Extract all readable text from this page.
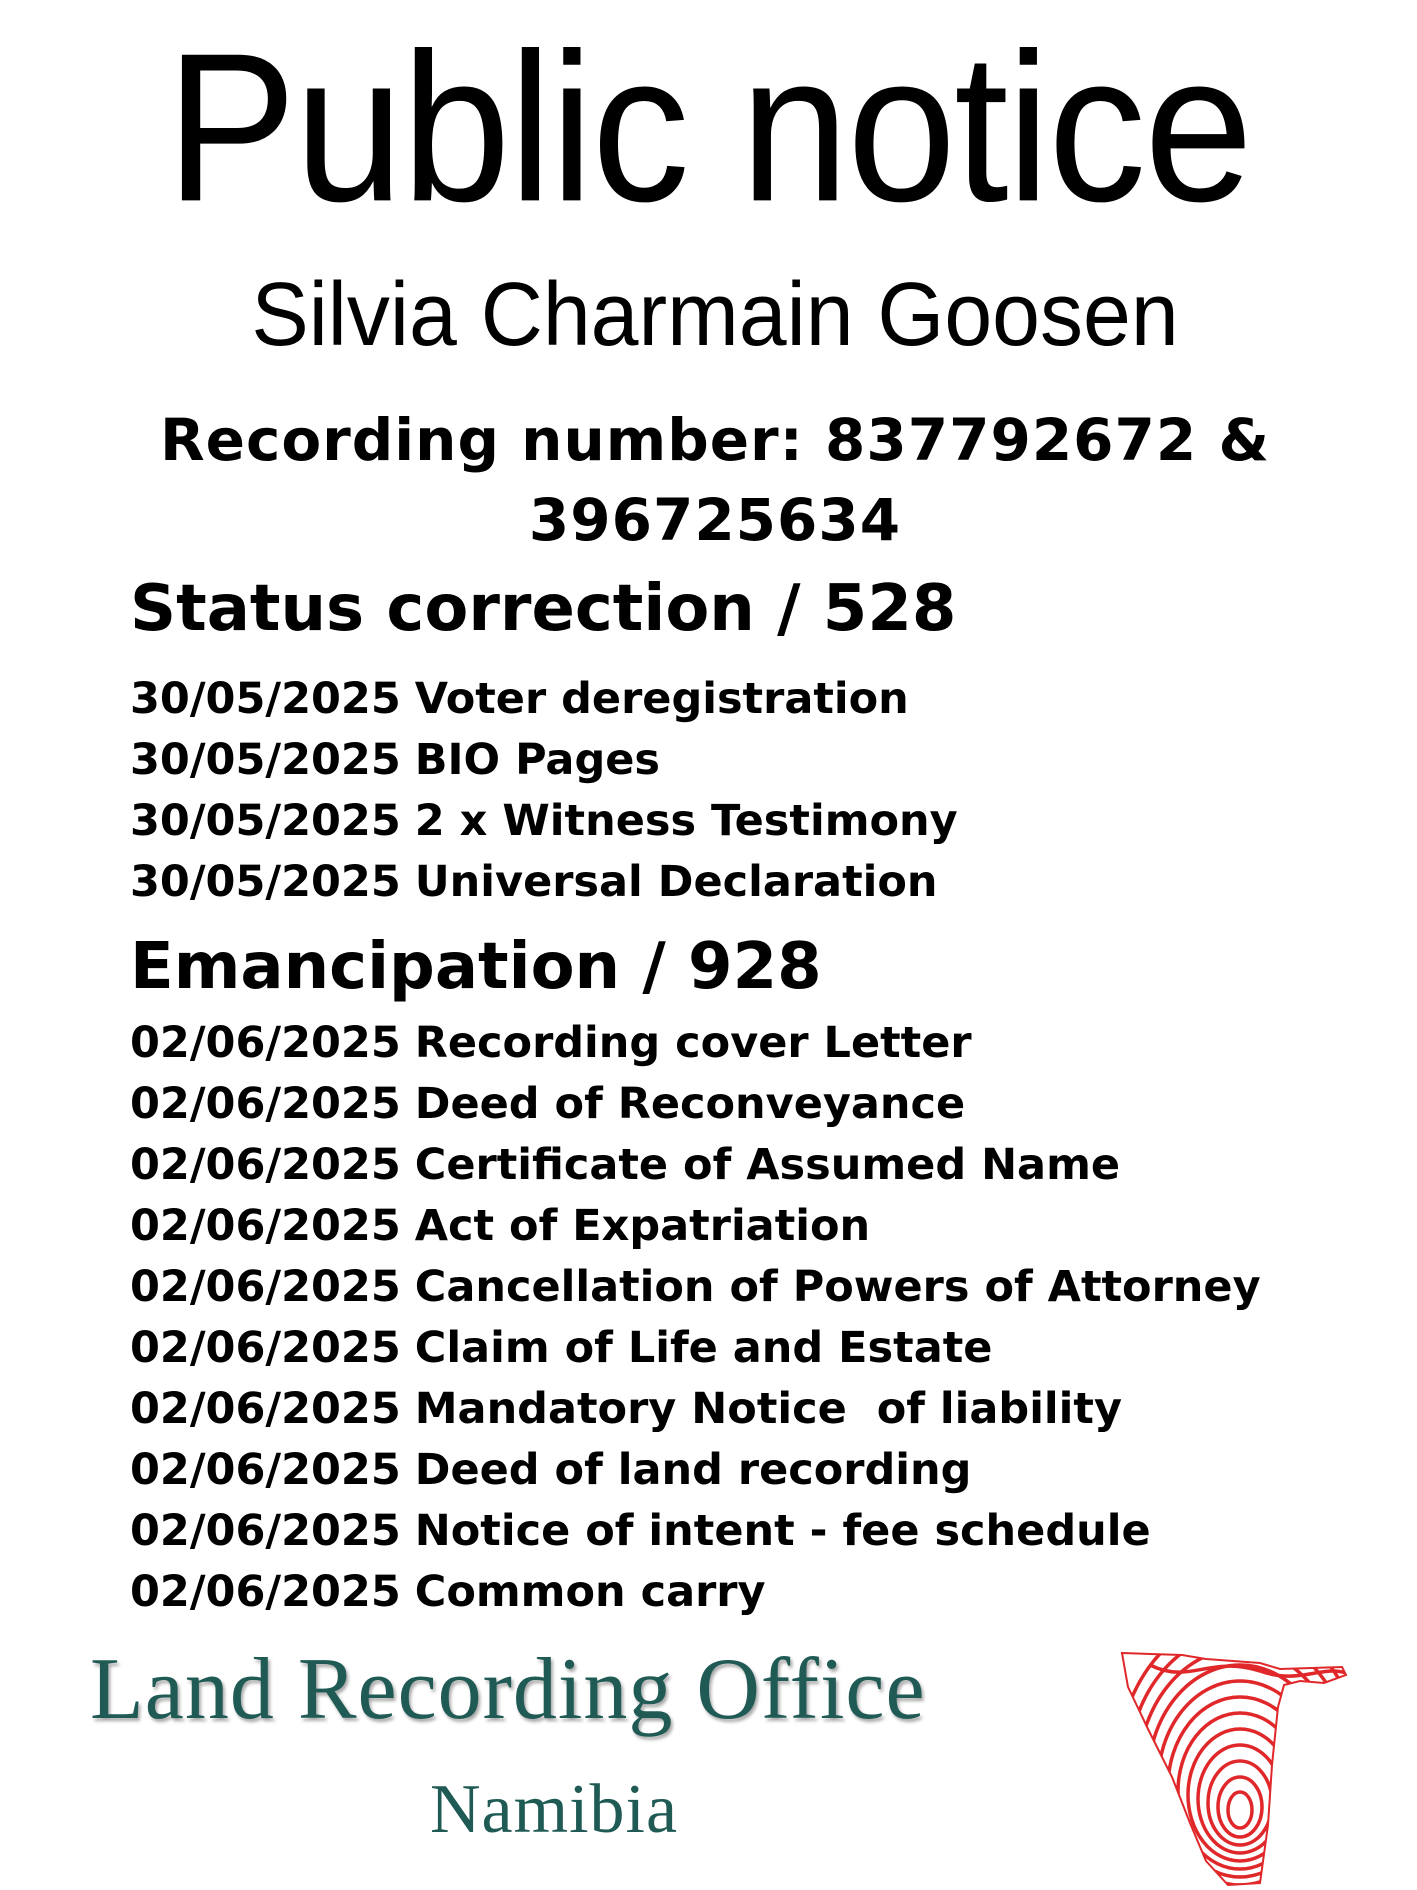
Public notice
Silvia Charmain Goosen
Recording number: 837792672 &
396725634
Status correction / 528
30/05/2025 Voter deregistration
30/05/2025 BIO Pages
30/05/2025 2 x Witness Testimony
30/05/2025 Universal Declaration
Emancipation / 928
02/06/2025 Recording cover Letter
02/06/2025 Deed of Reconveyance
02/06/2025 Certificate of Assumed Name
02/06/2025 Act of Expatriation
02/06/2025 Cancellation of Powers of Attorney
02/06/2025 Claim of Life and Estate
02/06/2025 Mandatory Notice  of liability
02/06/2025 Deed of land recording
02/06/2025 Notice of intent - fee schedule
02/06/2025 Common carry
Land Recording Office
Namibia
